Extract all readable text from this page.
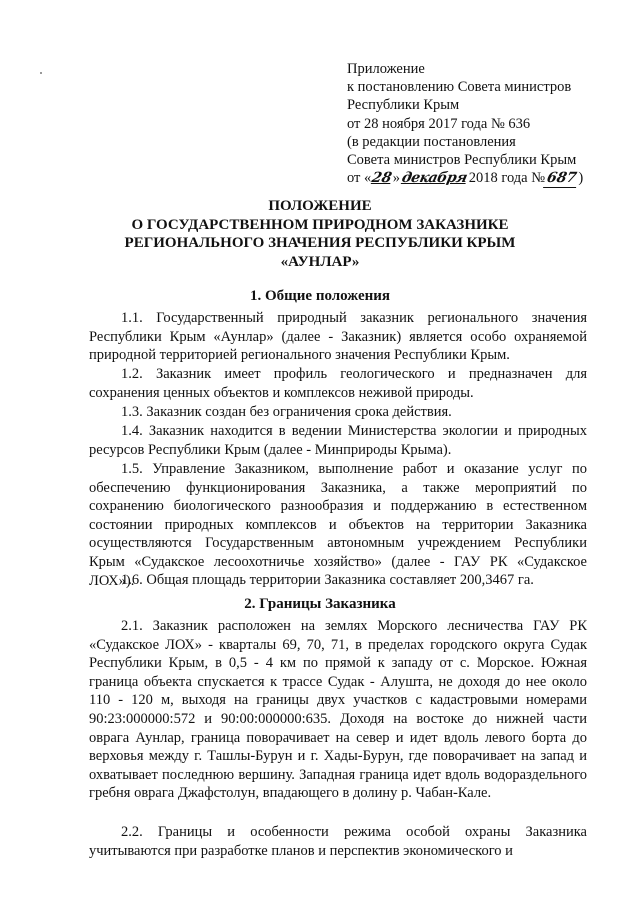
Приложение
к постановлению Совета министров
Республики Крым
от 28 ноября 2017 года № 636
(в редакции постановления
Совета министров Республики Крым
от «28»декабря2018 года №687)
ПОЛОЖЕНИЕ
О ГОСУДАРСТВЕННОМ ПРИРОДНОМ ЗАКАЗНИКЕ
РЕГИОНАЛЬНОГО ЗНАЧЕНИЯ РЕСПУБЛИКИ КРЫМ
«АУНЛАР»
1. Общие положения
1.1. Государственный природный заказник регионального значения Республики Крым «Аунлар» (далее - Заказник) является особо охраняемой природной территорией регионального значения Республики Крым.
1.2. Заказник имеет профиль геологического и предназначен для сохранения ценных объектов и комплексов неживой природы.
1.3. Заказник создан без ограничения срока действия.
1.4. Заказник находится в ведении Министерства экологии и природных ресурсов Республики Крым (далее - Минприроды Крыма).
1.5. Управление Заказником, выполнение работ и оказание услуг по обеспечению функционирования Заказника, а также мероприятий по сохранению биологического разнообразия и поддержанию в естественном состоянии природных комплексов и объектов на территории Заказника осуществляются Государственным автономным учреждением Республики Крым «Судакское лесоохотничье хозяйство» (далее - ГАУ РК «Судакское ЛОХ»).
1.6. Общая площадь территории Заказника составляет 200,3467 га.
2. Границы Заказника
2.1. Заказник расположен на землях Морского лесничества ГАУ РК «Судакское ЛОХ» - кварталы 69, 70, 71, в пределах городского округа Судак Республики Крым, в 0,5 - 4 км по прямой к западу от с. Морское. Южная граница объекта спускается к трассе Судак - Алушта, не доходя до нее около 110 - 120 м, выходя на границы двух участков с кадастровыми номерами 90:23:000000:572 и 90:00:000000:635. Доходя на востоке до нижней части оврага Аунлар, граница поворачивает на север и идет вдоль левого борта до верховья между г. Ташлы-Бурун и г. Хады-Бурун, где поворачивает на запад и охватывает последнюю вершину. Западная граница идет вдоль водораздельного гребня оврага Джафстолун, впадающего в долину р. Чабан-Кале.
2.2. Границы и особенности режима особой охраны Заказника учитываются при разработке планов и перспектив экономического и
